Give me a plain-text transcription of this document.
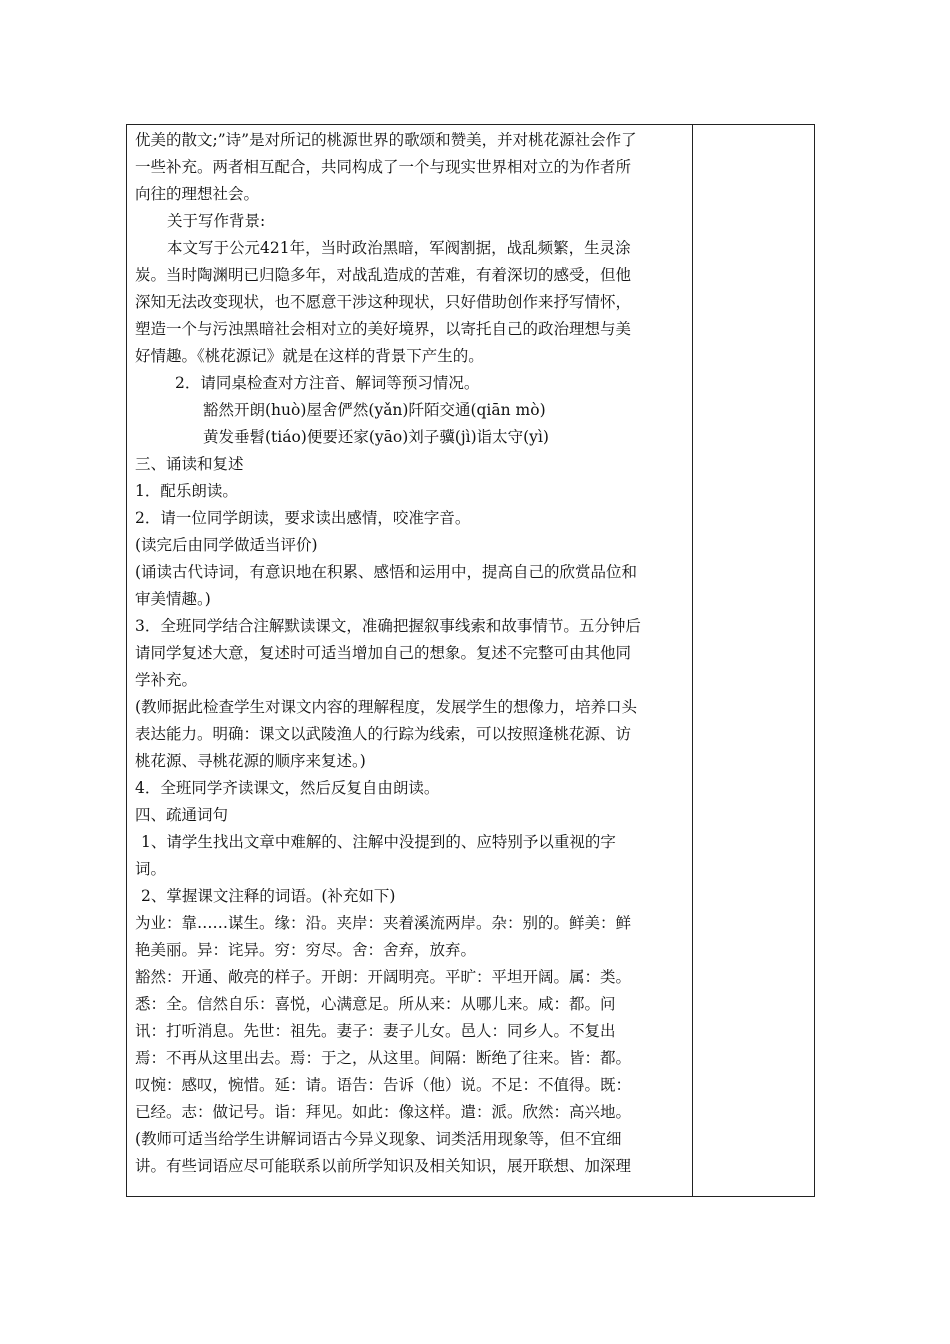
优美的散文;”诗”是对所记的桃源世界的歌颂和赞美，并对桃花源社会作了
一些补充。两者相互配合，共同构成了一个与现实世界相对立的为作者所
向往的理想社会。
关于写作背景:
本文写于公元421年，当时政治黑暗，军阀割据，战乱频繁，生灵涂
炭。当时陶渊明已归隐多年，对战乱造成的苦难，有着深切的感受，但他
深知无法改变现状，也不愿意干涉这种现状，只好借助创作来抒写情怀，
塑造一个与污浊黑暗社会相对立的美好境界，以寄托自己的政治理想与美
好情趣。《桃花源记》就是在这样的背景下产生的。
2．请同桌检查对方注音、解词等预习情况。
豁然开朗(huò)屋舍俨然(yǎn)阡陌交通(qiān mò)
黄发垂髫(tiáo)便要还家(yāo)刘子骥(jì)诣太守(yì)
三、诵读和复述
1．配乐朗读。
2．请一位同学朗读，要求读出感情，咬准字音。
(读完后由同学做适当评价)
(诵读古代诗词，有意识地在积累、感悟和运用中，提高自己的欣赏品位和
审美情趣。)
3．全班同学结合注解默读课文，准确把握叙事线索和故事情节。五分钟后
请同学复述大意，复述时可适当增加自己的想象。复述不完整可由其他同
学补充。
(教师据此检查学生对课文内容的理解程度，发展学生的想像力，培养口头
表达能力。明确：课文以武陵渔人的行踪为线索，可以按照逢桃花源、访
桃花源、寻桃花源的顺序来复述。)
4．全班同学齐读课文，然后反复自由朗读。
四、疏通词句
1、请学生找出文章中难解的、注解中没提到的、应特别予以重视的字
词。
2、掌握课文注释的词语。(补充如下)
为业：靠……谋生。缘：沿。夹岸：夹着溪流两岸。杂：别的。鲜美：鲜
艳美丽。异：诧异。穷：穷尽。舍：舍弃，放弃。
豁然：开通、敞亮的样子。开朗：开阔明亮。平旷：平坦开阔。属：类。
悉：全。信然自乐：喜悦，心满意足。所从来：从哪儿来。咸：都。问
讯：打听消息。先世：祖先。妻子：妻子儿女。邑人：同乡人。不复出
焉：不再从这里出去。焉：于之，从这里。间隔：断绝了往来。皆：都。
叹惋：感叹，惋惜。延：请。语告：告诉（他）说。不足：不值得。既：
已经。志：做记号。诣：拜见。如此：像这样。遣：派。欣然：高兴地。
(教师可适当给学生讲解词语古今异义现象、词类活用现象等，但不宜细
讲。有些词语应尽可能联系以前所学知识及相关知识，展开联想、加深理
